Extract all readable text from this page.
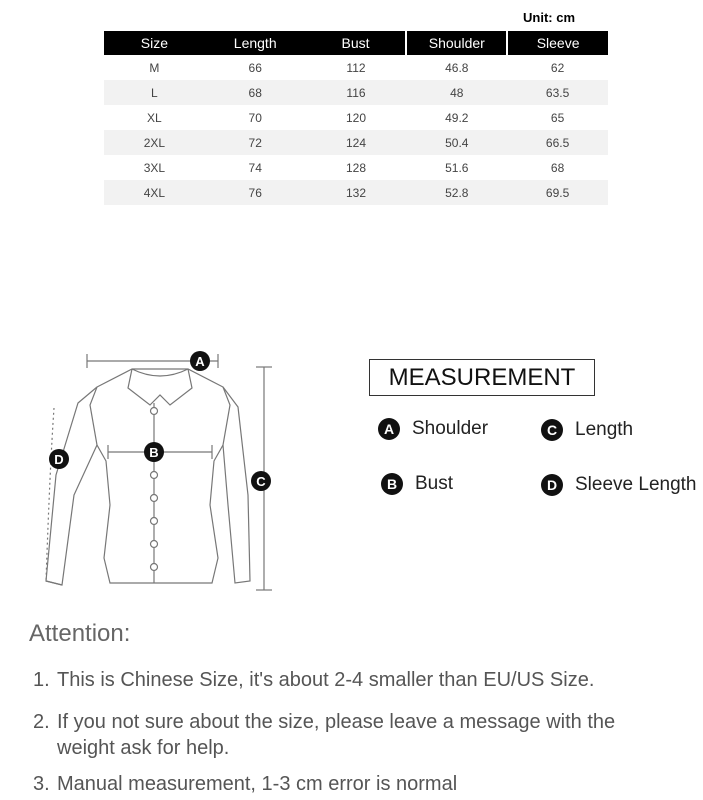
Unit: cm
Size	Length	Bust	Shoulder	Sleeve
M	66	112	46.8	62
L	68	116	48	63.5
XL	70	120	49.2	65
2XL	72	124	50.4	66.5
3XL	74	128	51.6	68
4XL	76	132	52.8	69.5
A
B
C
D
MEASUREMENT
A Shoulder
B Bust
C Length
D Sleeve Length
Attention:
1. This is Chinese Size, it's about 2-4 smaller than EU/US Size.
2. If you not sure about the size, please leave a message with the
weight ask for help.
3. Manual measurement, 1-3 cm error is normal
